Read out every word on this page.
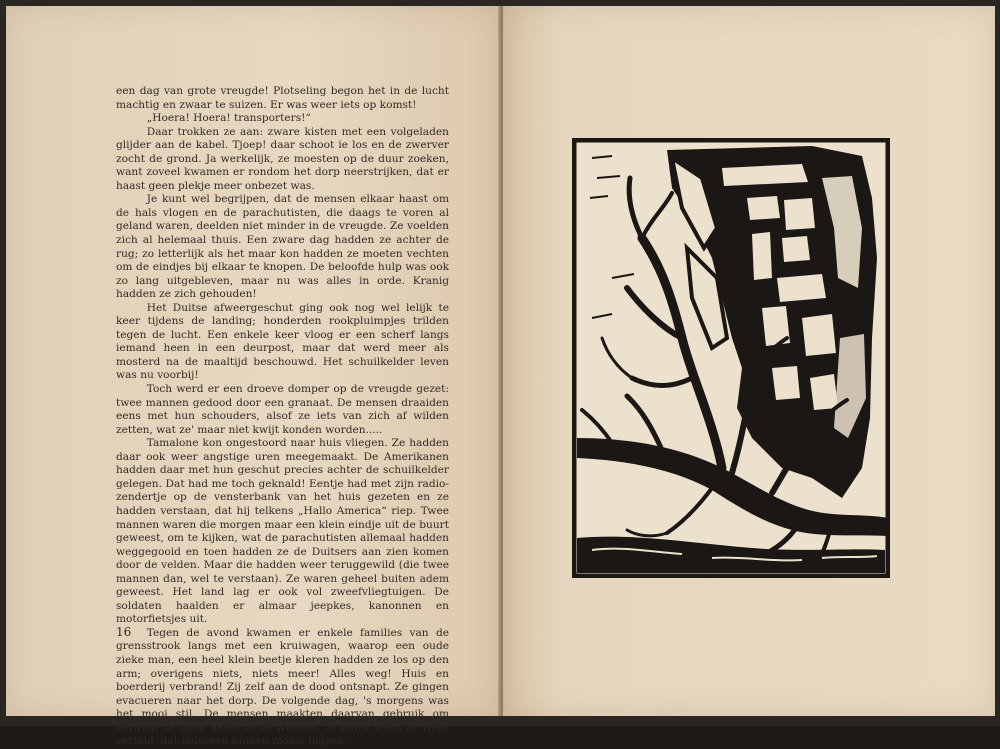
een dag van grote vreugde! Plotseling begon het in de lucht machtig en zwaar te suizen. Er was weer iets op komst!

„Hoera! Hoera! transporters!“

Daar trokken ze aan: zware kisten met een volgeladen glijder aan de kabel. Tjoep! daar schoot ie los en de zwerver zocht de grond. Ja werkelijk, ze moesten op de duur zoeken, want zoveel kwamen er rondom het dorp neerstrijken, dat er haast geen plekje meer onbezet was.

Je kunt wel begrijpen, dat de mensen elkaar haast om de hals vlogen en de parachutisten, die daags te voren al geland waren, deelden niet minder in de vreugde. Ze voelden zich al helemaal thuis. Een zware dag hadden ze achter de rug; zo letterlijk als het maar kon hadden ze moeten vechten om de eindjes bij elkaar te knopen. De beloofde hulp was ook zo lang uitgebleven, maar nu was alles in orde. Kranig hadden ze zich gehouden!

Het Duitse afweergeschut ging ook nog wel lelijk te keer tijdens de landing; honderden rookpluimpjes trilden tegen de lucht. Een enkele keer vloog er een scherf langs iemand heen in een deurpost, maar dat werd meer als mosterd na de maaltijd beschouwd. Het schuilkelder leven was nu voorbij!

Toch werd er een droeve domper op de vreugde gezet: twee mannen gedood door een granaat. De mensen draaiden eens met hun schouders, alsof ze iets van zich af wilden zetten, wat ze' maar niet kwijt konden worden.....

Tamalone kon ongestoord naar huis vliegen. Ze hadden daar ook weer angstige uren meegemaakt. De Amerikanen hadden daar met hun geschut precies achter de schuilkelder gelegen. Dat had me toch geknald! Eentje had met zijn radio-zendertje op de vensterbank van het huis gezeten en ze hadden verstaan, dat hij telkens „Hallo America“ riep. Twee mannen waren die morgen maar een klein eindje uit de buurt geweest, om te kijken, wat de parachutisten allemaal hadden weggegooid en toen hadden ze de Duitsers aan zien komen door de velden. Maar die hadden weer teruggewild (die twee mannen dan, wel te verstaan). Ze waren geheel buiten adem geweest. Het land lag er ook vol zweefvliegtuigen. De soldaten haalden er almaar jeepkes, kanonnen en motorfietsjes uit.

Tegen de avond kwamen er enkele families van de grensstrook langs met een kruiwagen, waarop een oude zieke man, een heel klein beetje kleren hadden ze los op den arm; overigens niets, niets meer! Alles weg! Huis en boerderij verbrand! Zij zelf aan de dood ontsnapt. Ze gingen evacueren naar het dorp. De volgende dag, 's morgens was het mooi stil. De mensen maakten daarvan gebruik om eetwaar te gaan halen in de winkels. Al gauw werd er weer verteld, dat iedereen binnen moest blijven,

16
